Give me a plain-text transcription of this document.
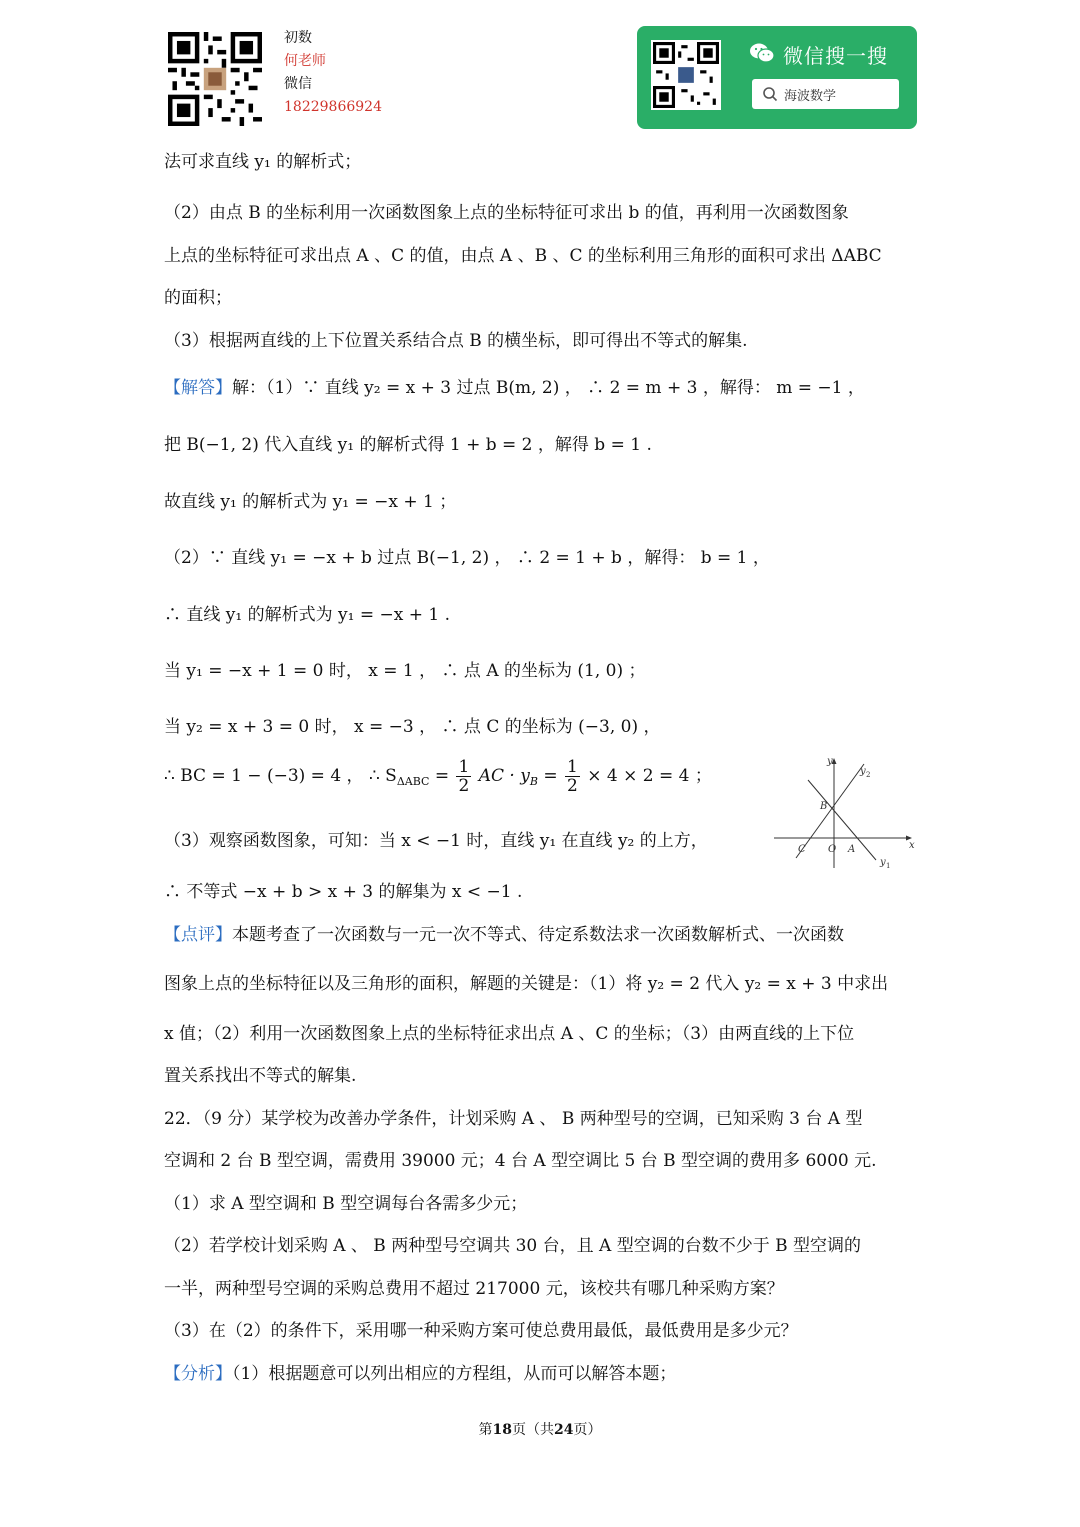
初数
何老师
微信
18229866924
微信搜一搜
海波数学
法可求直线 y₁ 的解析式；
（2）由点 B 的坐标利用一次函数图象上点的坐标特征可求出 b 的值，再利用一次函数图象
上点的坐标特征可求出点 A 、C 的值，由点 A 、B 、C 的坐标利用三角形的面积可求出 ΔABC
的面积；
（3）根据两直线的上下位置关系结合点 B 的横坐标，即可得出不等式的解集.
【解答】解：（1）∵ 直线 y₂ = x + 3 过点 B(m, 2) ， ∴ 2 = m + 3 ，解得： m = −1 ，
把 B(−1, 2) 代入直线 y₁ 的解析式得 1 + b = 2 ，解得 b = 1 .
故直线 y₁ 的解析式为 y₁ = −x + 1 ；
（2）∵ 直线 y₁ = −x + b 过点 B(−1, 2) ， ∴ 2 = 1 + b ，解得： b = 1 ，
∴ 直线 y₁ 的解析式为 y₁ = −x + 1 .
当 y₁ = −x + 1 = 0 时， x = 1 ， ∴ 点 A 的坐标为 (1, 0) ；
当 y₂ = x + 3 = 0 时， x = −3 ， ∴ 点 C 的坐标为 (−3, 0) ，
∴ BC = 1 − (−3) = 4 ， ∴ $S_{\Delta ABC} = \frac{1}{2}$ AC · $y_B = \frac{1}{2} \times 4 \times 2 = 4$ ；
（3）观察函数图象，可知：当 x < −1 时，直线 y₁ 在直线 y₂ 的上方，
∴ 不等式 −x + b > x + 3 的解集为 x < −1 .
【点评】本题考查了一次函数与一元一次不等式、待定系数法求一次函数解析式、一次函数
图象上点的坐标特征以及三角形的面积，解题的关键是：（1）将 y₂ = 2 代入 y₂ = x + 3 中求出
x 值；（2）利用一次函数图象上点的坐标特征求出点 A 、C 的坐标；（3）由两直线的上下位
置关系找出不等式的解集.
22．（9 分）某学校为改善办学条件，计划采购 A 、 B 两种型号的空调，已知采购 3 台 A 型
空调和 2 台 B 型空调，需费用 39000 元；4 台 A 型空调比 5 台 B 型空调的费用多 6000 元.
（1）求 A 型空调和 B 型空调每台各需多少元；
（2）若学校计划采购 A 、 B 两种型号空调共 30 台，且 A 型空调的台数不少于 B 型空调的
一半，两种型号空调的采购总费用不超过 217000 元，该校共有哪几种采购方案？
（3）在（2）的条件下，采用哪一种采购方案可使总费用最低，最低费用是多少元？
【分析】（1）根据题意可以列出相应的方程组，从而可以解答本题；
y
y 2
x
B
C O A
y 1
第18页（共24页）
